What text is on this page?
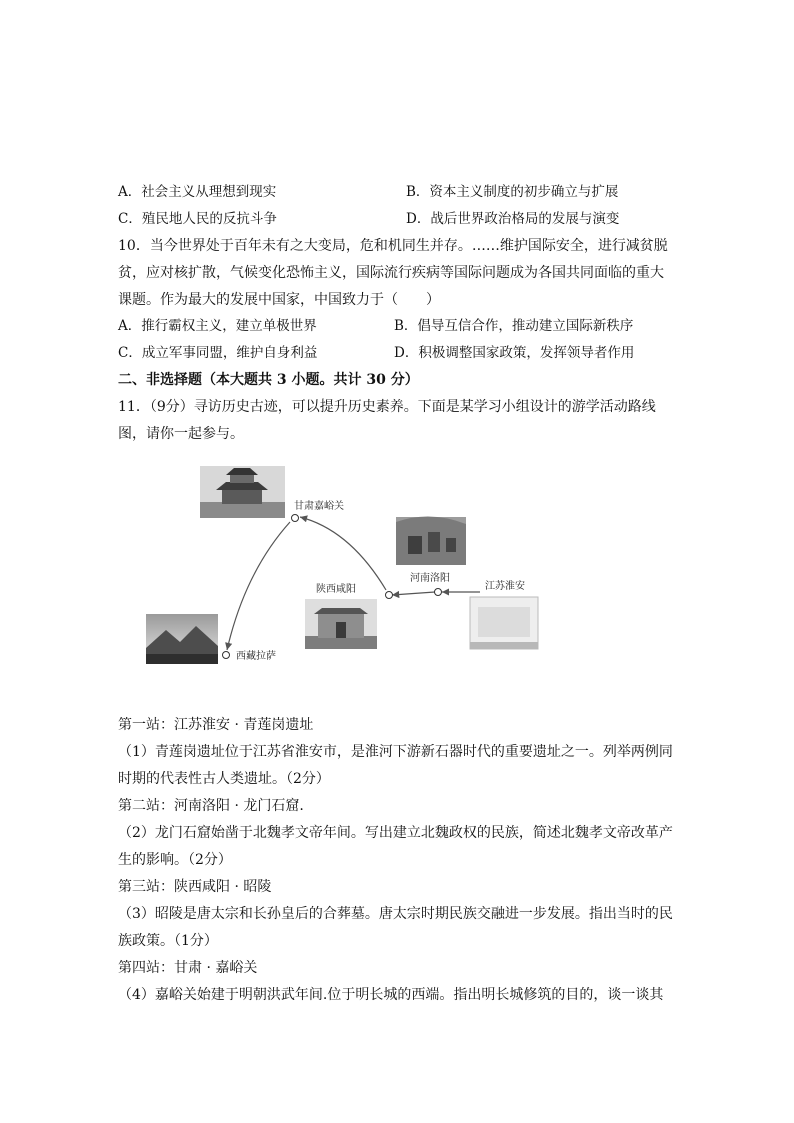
A．社会主义从理想到现实	B．资本主义制度的初步确立与扩展
C．殖民地人民的反抗斗争	D．战后世界政治格局的发展与演变
10．当今世界处于百年未有之大变局，危和机同生并存。……维护国际安全，进行减贫脱
贫，应对核扩散，气候变化恐怖主义，国际流行疾病等国际问题成为各国共同面临的重大
课题。作为最大的发展中国家，中国致力于（　　）
A．推行霸权主义，建立单极世界	B．倡导互信合作，推动建立国际新秩序
C．成立军事同盟，维护自身利益	D．积极调整国家政策，发挥领导者作用
二、非选择题（本大题共 3 小题。共计 30 分）
11．（9分）寻访历史古迹，可以提升历史素养。下面是某学习小组设计的游学活动路线
图，请你一起参与。
甘肃嘉峪关
河南洛阳
江苏淮安
陕西咸阳
西藏拉萨
第一站：江苏淮安 · 青莲岗遗址
（1）青莲岗遗址位于江苏省淮安市，是淮河下游新石器时代的重要遗址之一。列举两例同
时期的代表性古人类遗址。（2分）
第二站：河南洛阳 · 龙门石窟.
（2）龙门石窟始凿于北魏孝文帝年间。写出建立北魏政权的民族，简述北魏孝文帝改革产
生的影响。（2分）
第三站：陕西咸阳 · 昭陵
（3）昭陵是唐太宗和长孙皇后的合葬墓。唐太宗时期民族交融进一步发展。指出当时的民
族政策。（1分）
第四站：甘肃 · 嘉峪关
（4）嘉峪关始建于明朝洪武年间.位于明长城的西端。指出明长城修筑的目的，谈一谈其
